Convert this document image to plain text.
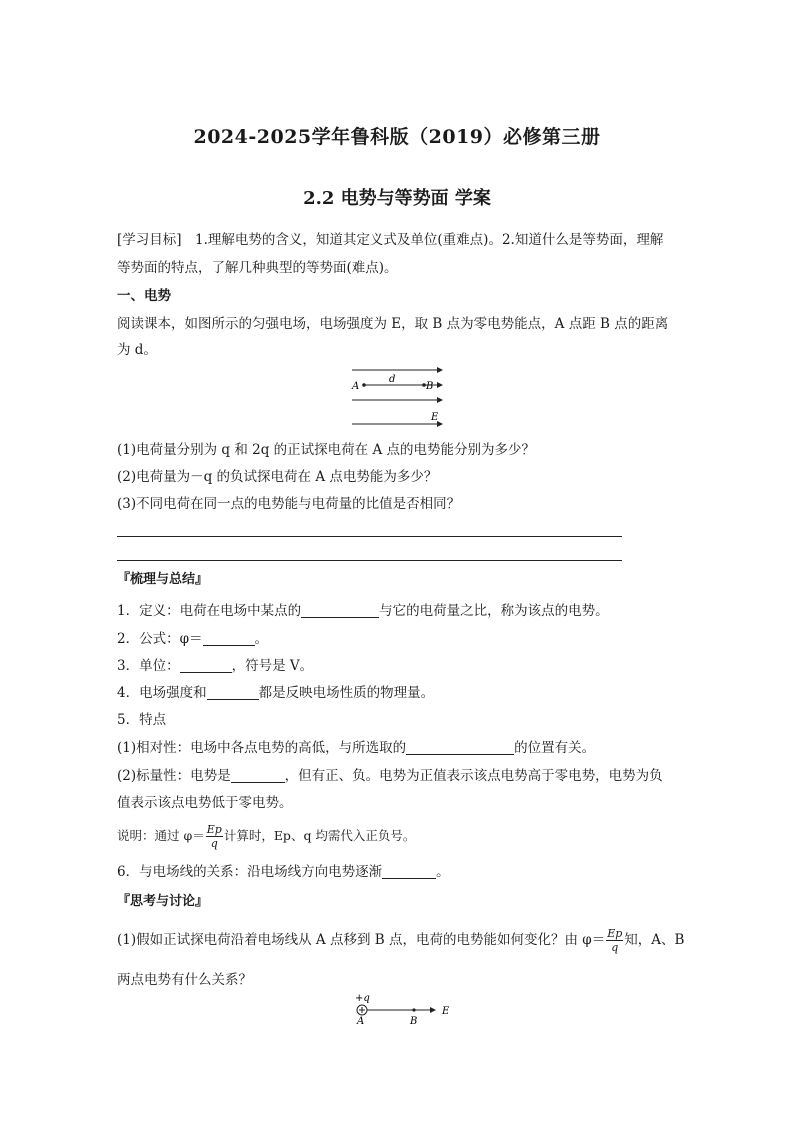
2024-2025学年鲁科版（2019）必修第三册
2.2 电势与等势面 学案
[学习目标]　1.理解电势的含义，知道其定义式及单位(重难点)。2.知道什么是等势面，理解
等势面的特点，了解几种典型的等势面(难点)。
一、电势
阅读课本，如图所示的匀强电场，电场强度为 E，取 B 点为零电势能点，A 点距 B 点的距离
为 d。
A
d
B
E
(1)电荷量分别为 q 和 2q 的正试探电荷在 A 点的电势能分别为多少？
(2)电荷量为－q 的负试探电荷在 A 点电势能为多少？
(3)不同电荷在同一点的电势能与电荷量的比值是否相同？
『梳理与总结』
1．定义：电荷在电场中某点的	与它的电荷量之比，称为该点的电势。
2．公式：φ＝	。
3．单位：	，符号是 V。
4．电场强度和	都是反映电场性质的物理量。
5．特点
(1)相对性：电场中各点电势的高低，与所选取的	的位置有关。
(2)标量性：电势是	，但有正、负。电势为正值表示该点电势高于零电势，电势为负
值表示该点电势低于零电势。
说明：通过 $\varphi= \frac{Ep}{q}$ 计算时，Ep、q 均需代入正负号。
6．与电场线的关系：沿电场线方向电势逐渐	。
『思考与讨论』
(1)假如正试探电荷沿着电场线从 A 点移到 B 点，电荷的电势能如何变化？由 $\varphi= \frac{Ep}{q}$ 知，A、B
两点电势有什么关系？
+q
A	B
E
